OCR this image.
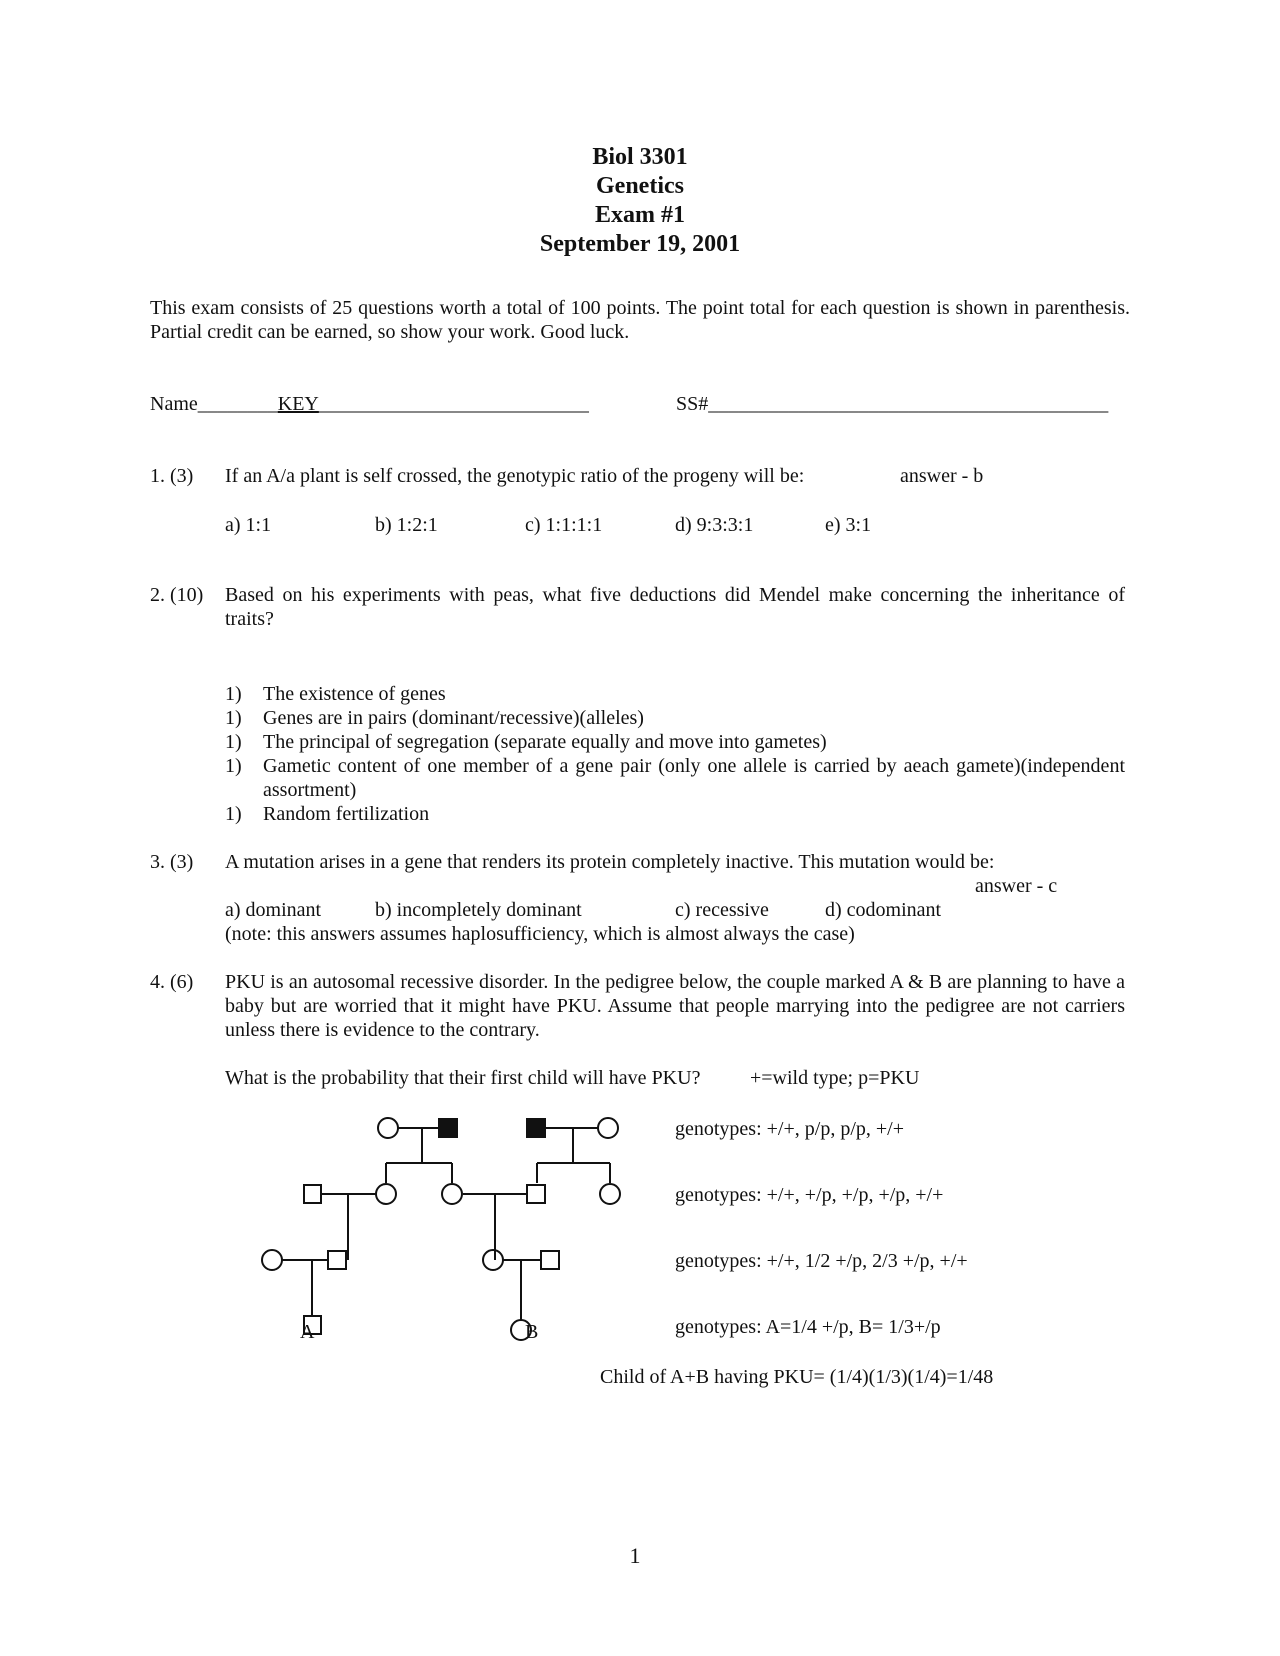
Biol 3301
Genetics
Exam #1
September 19, 2001
This exam consists of 25 questions worth a total of 100 points. The point total for each question is shown in parenthesis. Partial credit can be earned, so show your work. Good luck.
Name________KEY___________________________	SS#________________________________________
1. (3) If an A/a plant is self crossed, the genotypic ratio of the progeny will be:	answer - b
a) 1:1	b) 1:2:1	c) 1:1:1:1	d) 9:3:3:1	e) 3:1
2. (10) Based on his experiments with peas, what five deductions did Mendel make concerning the inheritance of traits?
1) The existence of genes
1) Genes are in pairs (dominant/recessive)(alleles)
1) The principal of segregation (separate equally and move into gametes)
1) Gametic content of one member of a gene pair (only one allele is carried by aeach gamete)(independent assortment)
1) Random fertilization
3. (3) A mutation arises in a gene that renders its protein completely inactive. This mutation would be:
answer - c
a) dominant	b) incompletely dominant	c) recessive	d) codominant
(note: this answers assumes haplosufficiency, which is almost always the case)
4. (6) PKU is an autosomal recessive disorder. In the pedigree below, the couple marked A & B are planning to have a baby but are worried that it might have PKU. Assume that people marrying into the pedigree are not carriers unless there is evidence to the contrary.
What is the probability that their first child will have PKU? +=wild type; p=PKU
A	B
genotypes: +/+, p/p, p/p, +/+
genotypes: +/+, +/p, +/p, +/p, +/+
genotypes: +/+, 1/2 +/p, 2/3 +/p, +/+
genotypes: A=1/4 +/p, B= 1/3+/p
Child of A+B having PKU= (1/4)(1/3)(1/4)=1/48
1
